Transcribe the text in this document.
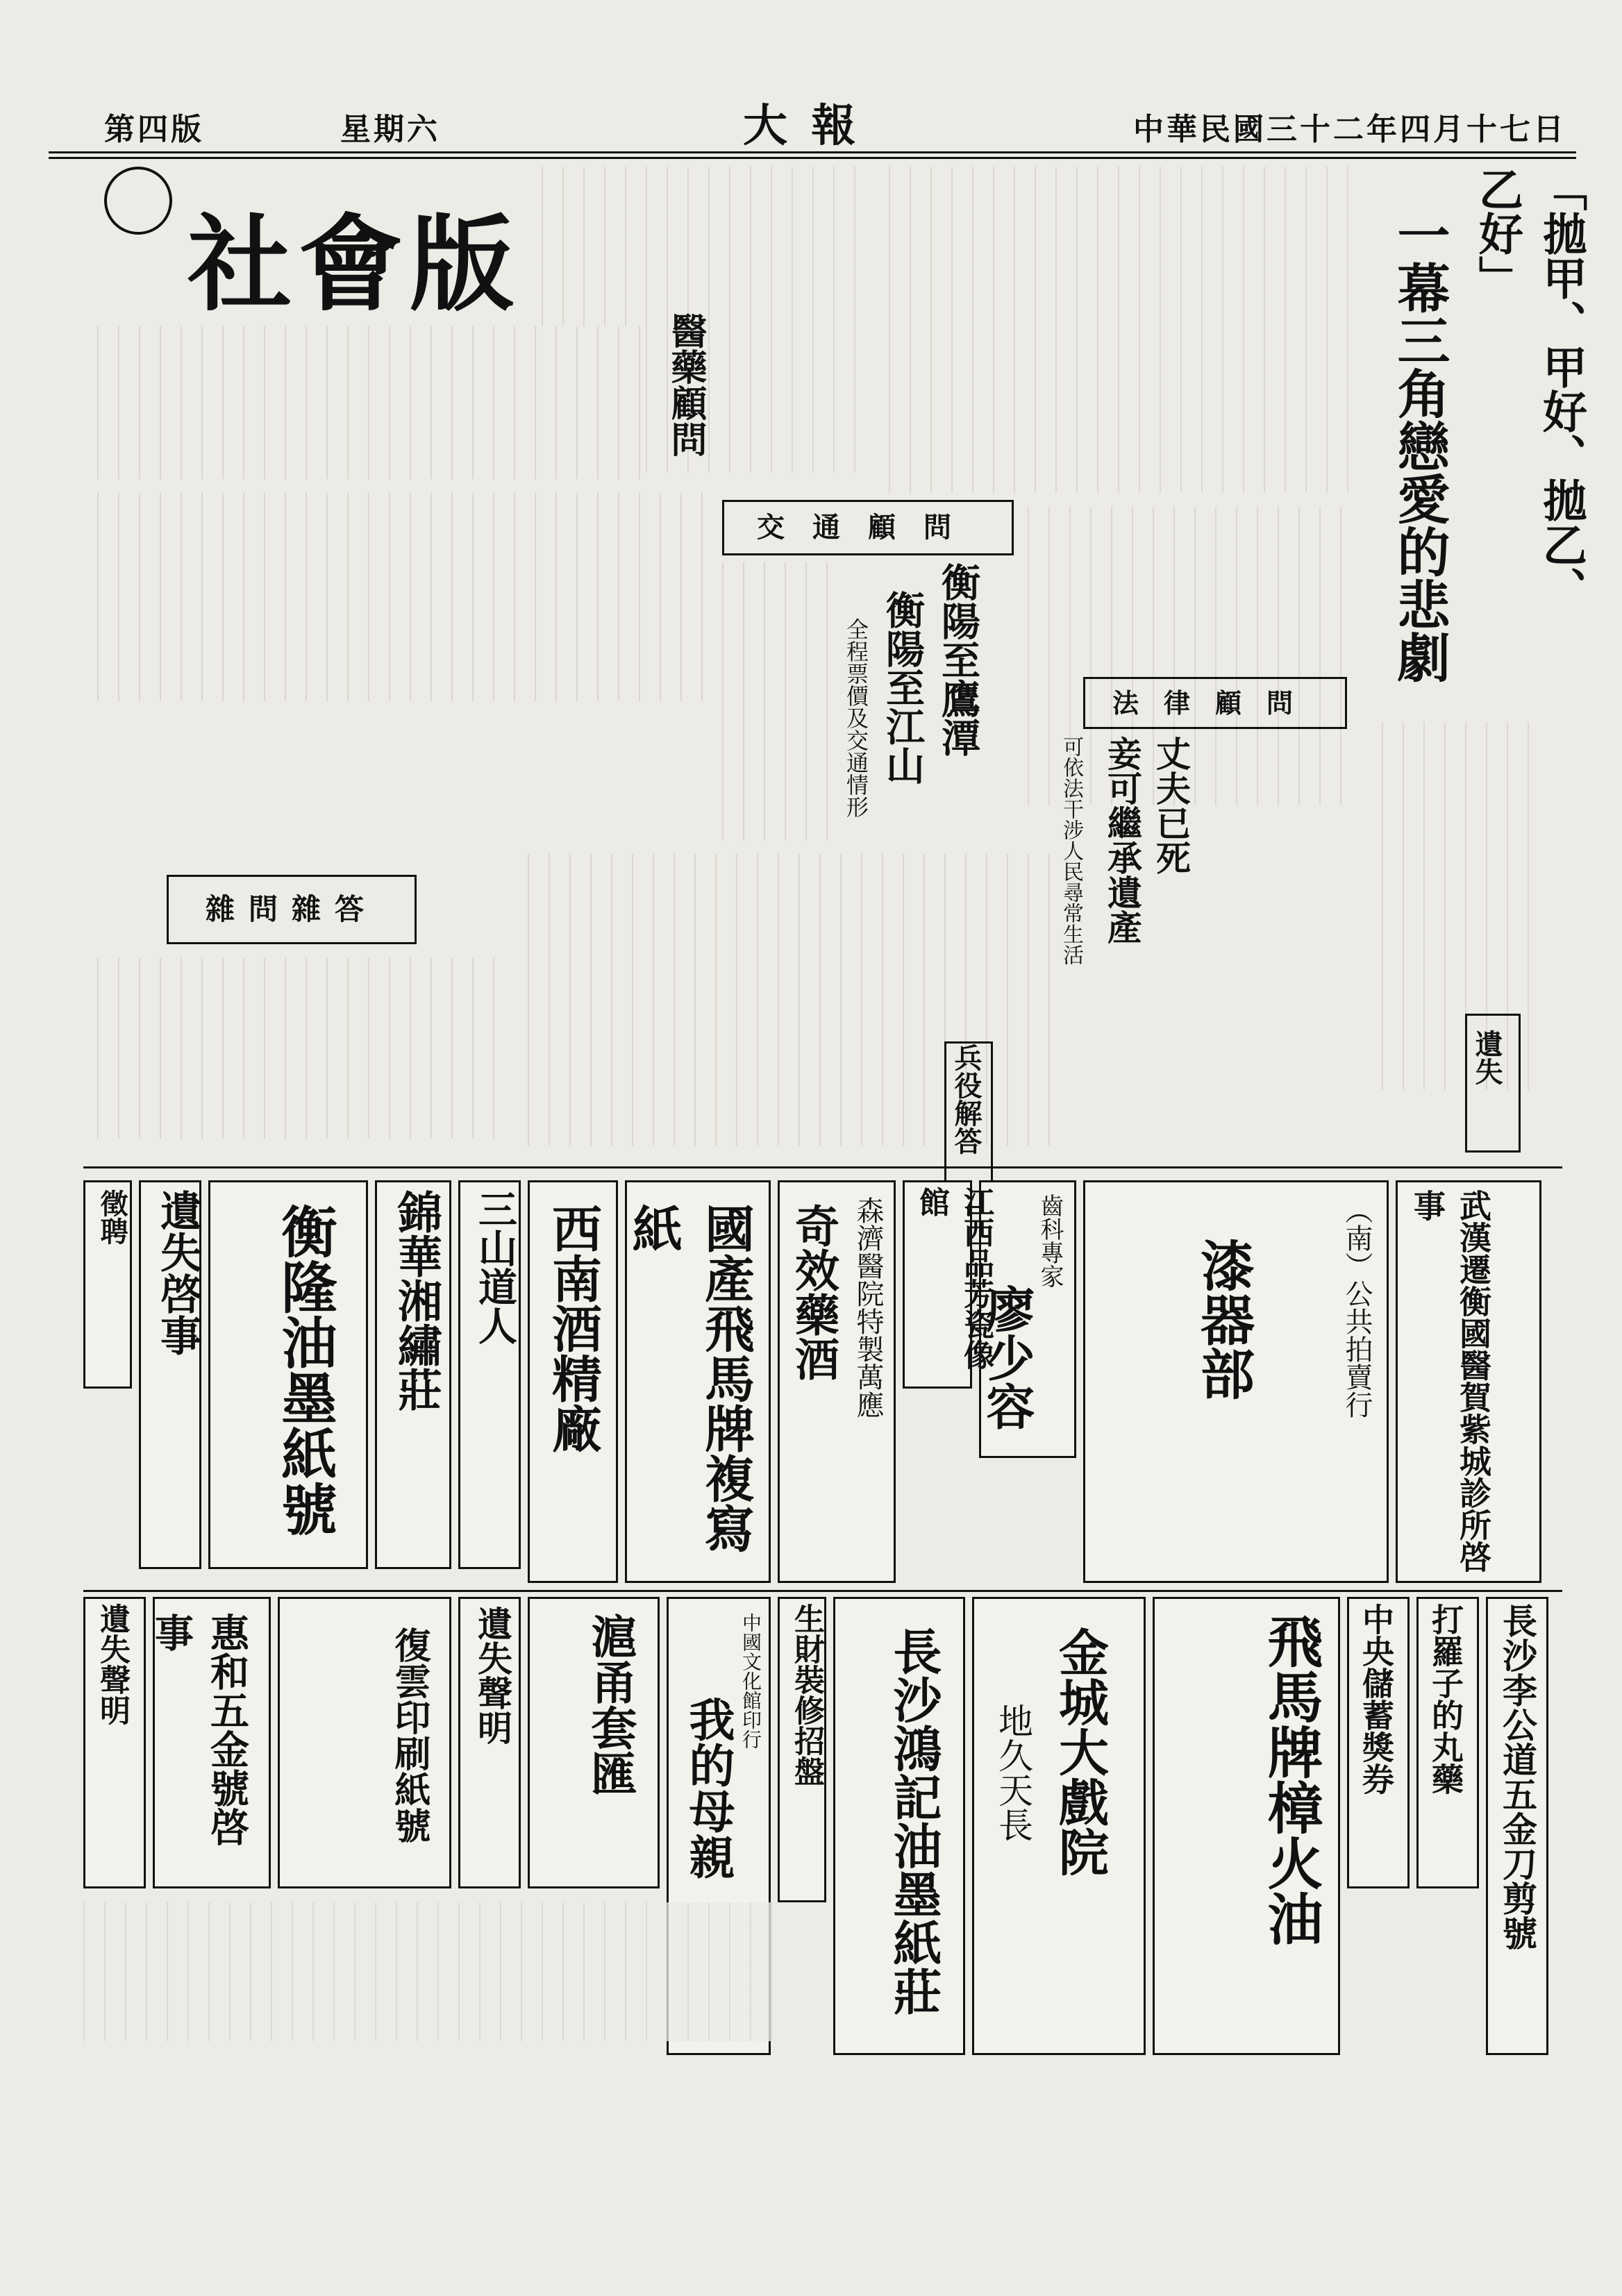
中華民國三十二年四月十七日
大 報
星期六
第四版
社會版	「拋甲、甲好、拋乙、乙好」
一幕三角戀愛的悲劇
醫藥顧問
交通顧問
衡陽至鷹潭
衡陽至江山
全程票價及交通情形	法律顧問
丈夫已死
妾可繼承遺產
可依法干涉人民尋常生活
雜問雜答
兵役解答	遺失
武漢遷衡國醫賀紫城診所啓事
（南）公共拍賣行
漆器部
齒科專家
廖少容
江西品芳瓷像館
森濟醫院特製萬應
奇效藥酒
國產飛馬牌複寫紙
西南酒精廠
三山道人
錦華湘繡莊
衡隆油墨紙號
遺失啓事
徵聘
長沙李公道五金刀剪號
打羅子的丸藥
中央儲蓄獎券
飛馬牌樟火油
金城大戲院
地久天長
長沙鴻記油墨紙莊
生財裝修招盤
中國文化館印行
我的母親
滬甬套匯
遺失聲明
復雲印刷紙號
惠和五金號啓事
遺失聲明
